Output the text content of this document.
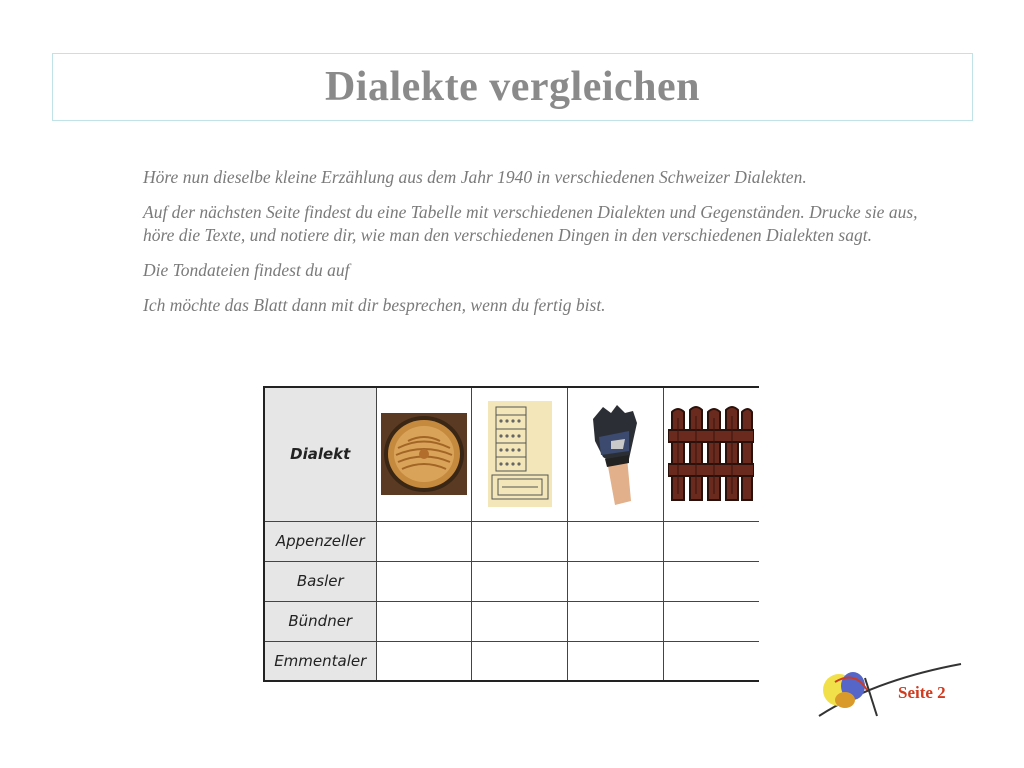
Dialekte vergleichen

Höre nun dieselbe kleine Erzählung aus dem Jahr 1940 in verschiedenen Schweizer Dialekten.

Auf der nächsten Seite findest du eine Tabelle mit verschiedenen Dialekten und Gegenständen. Drucke sie aus, höre die Texte, und notiere dir, wie man den verschiedenen Dingen in den verschiedenen Dialekten sagt.

Die Tondateien findest du auf

Ich möchte das Blatt dann mit dir besprechen, wenn du fertig bist.

Dialekt	

Appenzeller				
Basler				
Bündner				
Emmentaler				
Seite 2
